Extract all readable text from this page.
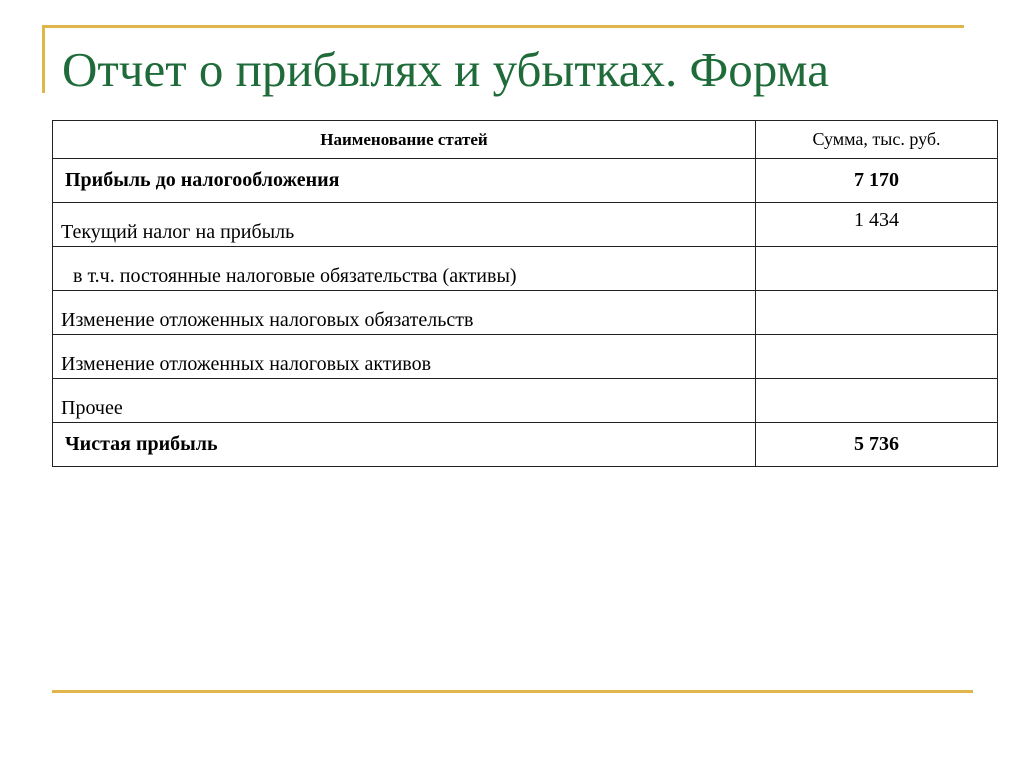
Отчет о прибылях и убытках. Форма
Наименование статей	Сумма, тыс. руб.
Прибыль до налогообложения	7 170
Текущий налог на прибыль	1 434
в т.ч. постоянные налоговые обязательства (активы)	
Изменение отложенных налоговых обязательств	
Изменение отложенных налоговых активов	
Прочее	
Чистая прибыль	5 736
